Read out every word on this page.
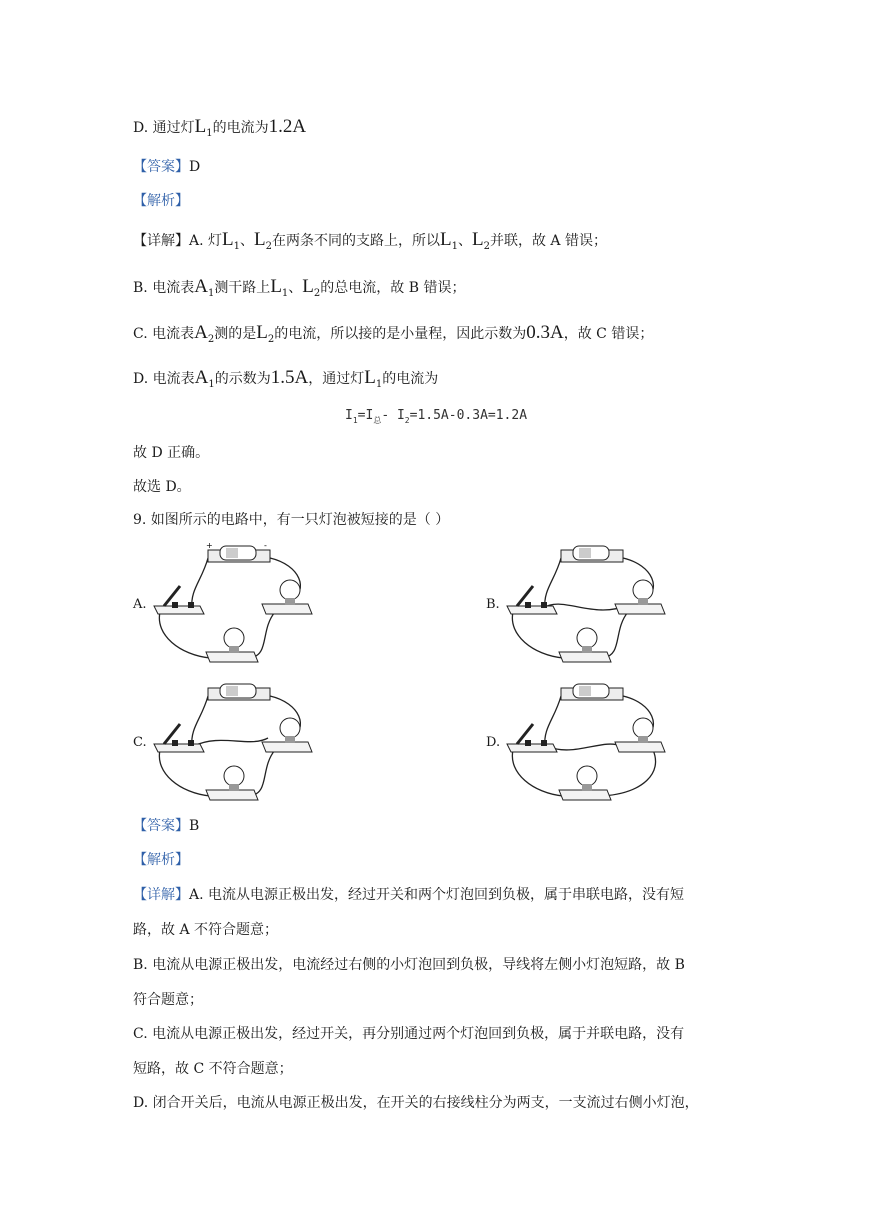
D. 通过灯$L_1$的电流为1.2A
【答案】D
【解析】
【详解】A. 灯$L_1$、$L_2$在两条不同的支路上，所以$L_1$、$L_2$并联，故 A 错误；
B. 电流表$A_1$测干路上$L_1$、$L_2$的总电流，故 B 错误；
C. 电流表$A_2$测的是$L_2$的电流，所以接的是小量程，因此示数为0.3A，故 C 错误；
D. 电流表$A_1$的示数为1.5A，通过灯$L_1$的电流为
$I_1=I_总-$ $I_2=1.5A-0.3A=1.2A$
故 D 正确。
故选 D。
9. 如图所示的电路中，有一只灯泡被短接的是（ ）
A.	B.
C.	D.
+	-
【答案】B
【解析】
【详解】A. 电流从电源正极出发，经过开关和两个灯泡回到负极，属于串联电路，没有短
路，故 A 不符合题意；
B. 电流从电源正极出发，电流经过右侧的小灯泡回到负极，导线将左侧小灯泡短路，故 B
符合题意；
C. 电流从电源正极出发，经过开关，再分别通过两个灯泡回到负极，属于并联电路，没有
短路，故 C 不符合题意；
D. 闭合开关后，电流从电源正极出发，在开关的右接线柱分为两支，一支流过右侧小灯泡，
